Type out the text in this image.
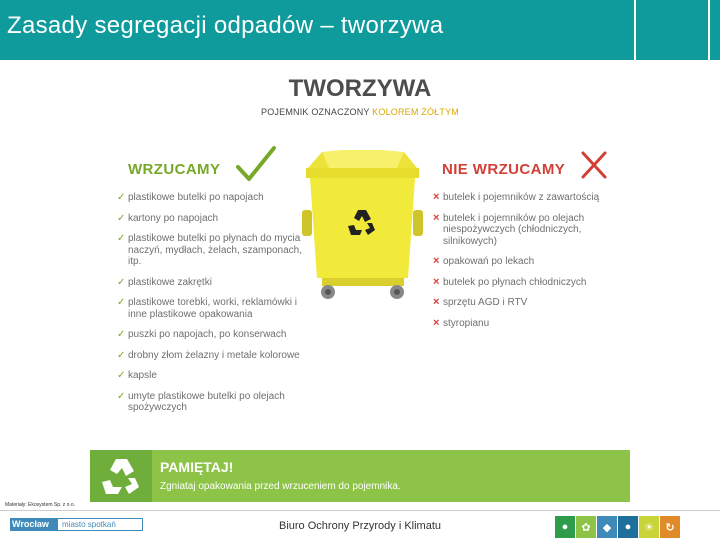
Zasady segregacji odpadów – tworzywa
TWORZYWA
POJEMNIK OZNACZONY KOLOREM ŻÓŁTYM
WRZUCAMY
✓ plastikowe butelki po napojach
✓ kartony po napojach
✓ plastikowe butelki po płynach do mycia naczyń, mydłach, żelach, szamponach, itp.
✓ plastikowe zakrętki
✓ plastikowe torebki, worki, reklamówki i inne plastikowe opakowania
✓ puszki po napojach, po konserwach
✓ drobny złom żelazny i metale kolorowe
✓ kapsle
✓ umyte plastikowe butelki po olejach spożywczych
NIE WRZUCAMY
× butelek i pojemników z zawartością
× butelek i pojemników po olejach niespożywczych (chłodniczych, silnikowych)
× opakowań po lekach
× butelek po płynach chłodniczych
× sprzętu AGD i RTV
× styropianu
PAMIĘTAJ!
Zgniataj opakowania przed wrzuceniem do pojemnika.
Materiały: Ekosystem Sp. z o.o.
Wrocław	miasto spotkań	Biuro Ochrony Przyrody i Klimatu	●	✿	◆	●	☀	↻
